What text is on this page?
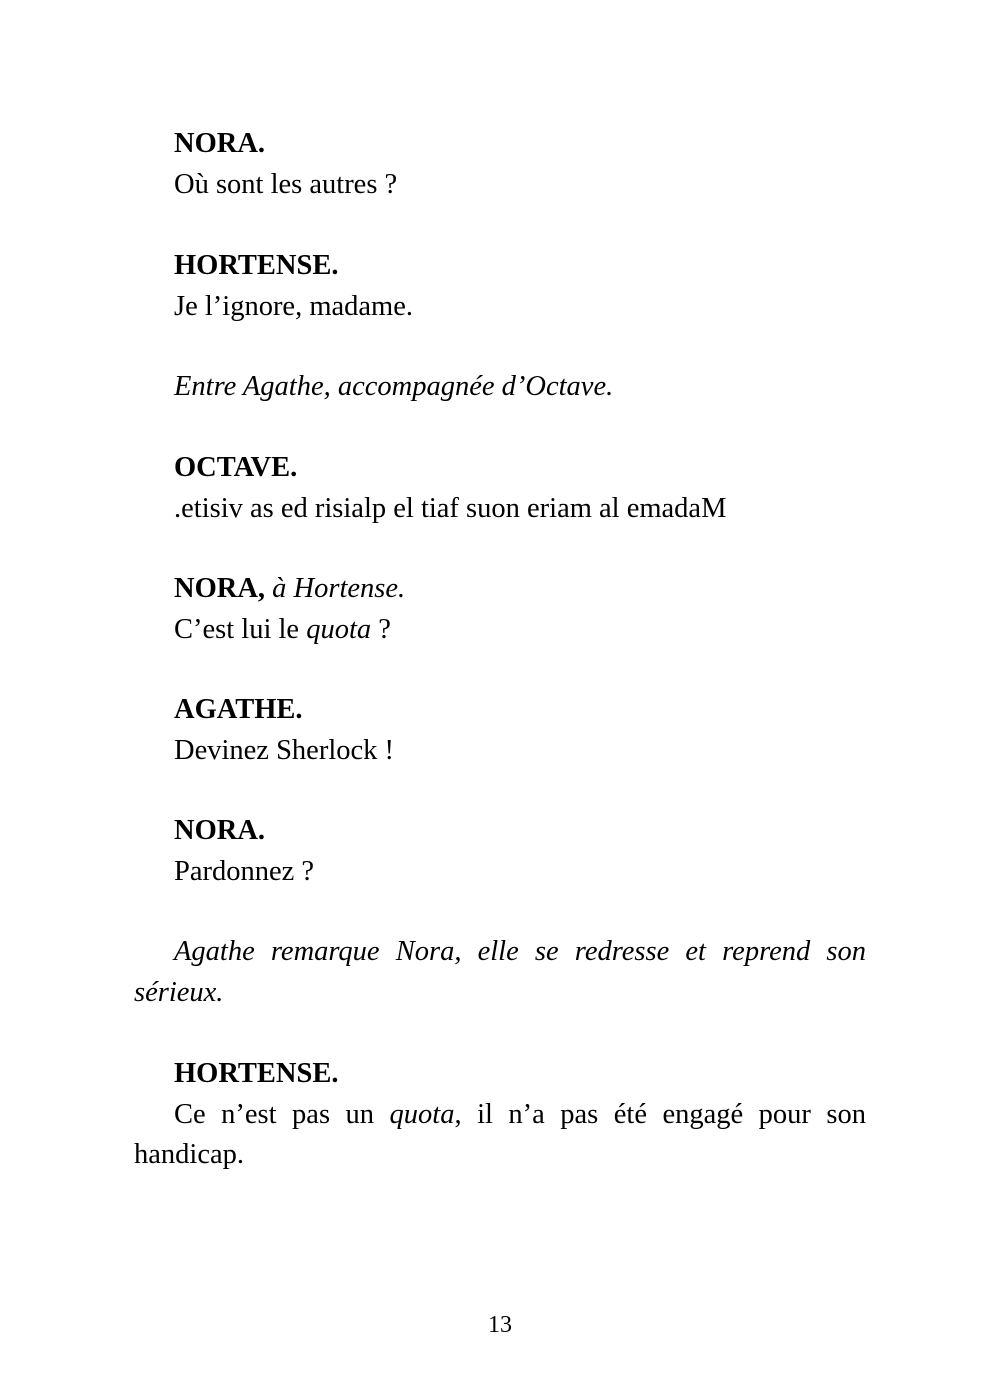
NORA.
Où sont les autres ?
HORTENSE.
Je l’ignore, madame.
Entre Agathe, accompagnée d’Octave.
OCTAVE.
.etisiv as ed risialp el tiaf suon eriam al emadaM
NORA, à Hortense.
C’est lui le quota ?
AGATHE.
Devinez Sherlock !
NORA.
Pardonnez ?
Agathe remarque Nora, elle se redresse et reprend son sérieux.
HORTENSE.
Ce n’est pas un quota, il n’a pas été engagé pour son handicap.
13
